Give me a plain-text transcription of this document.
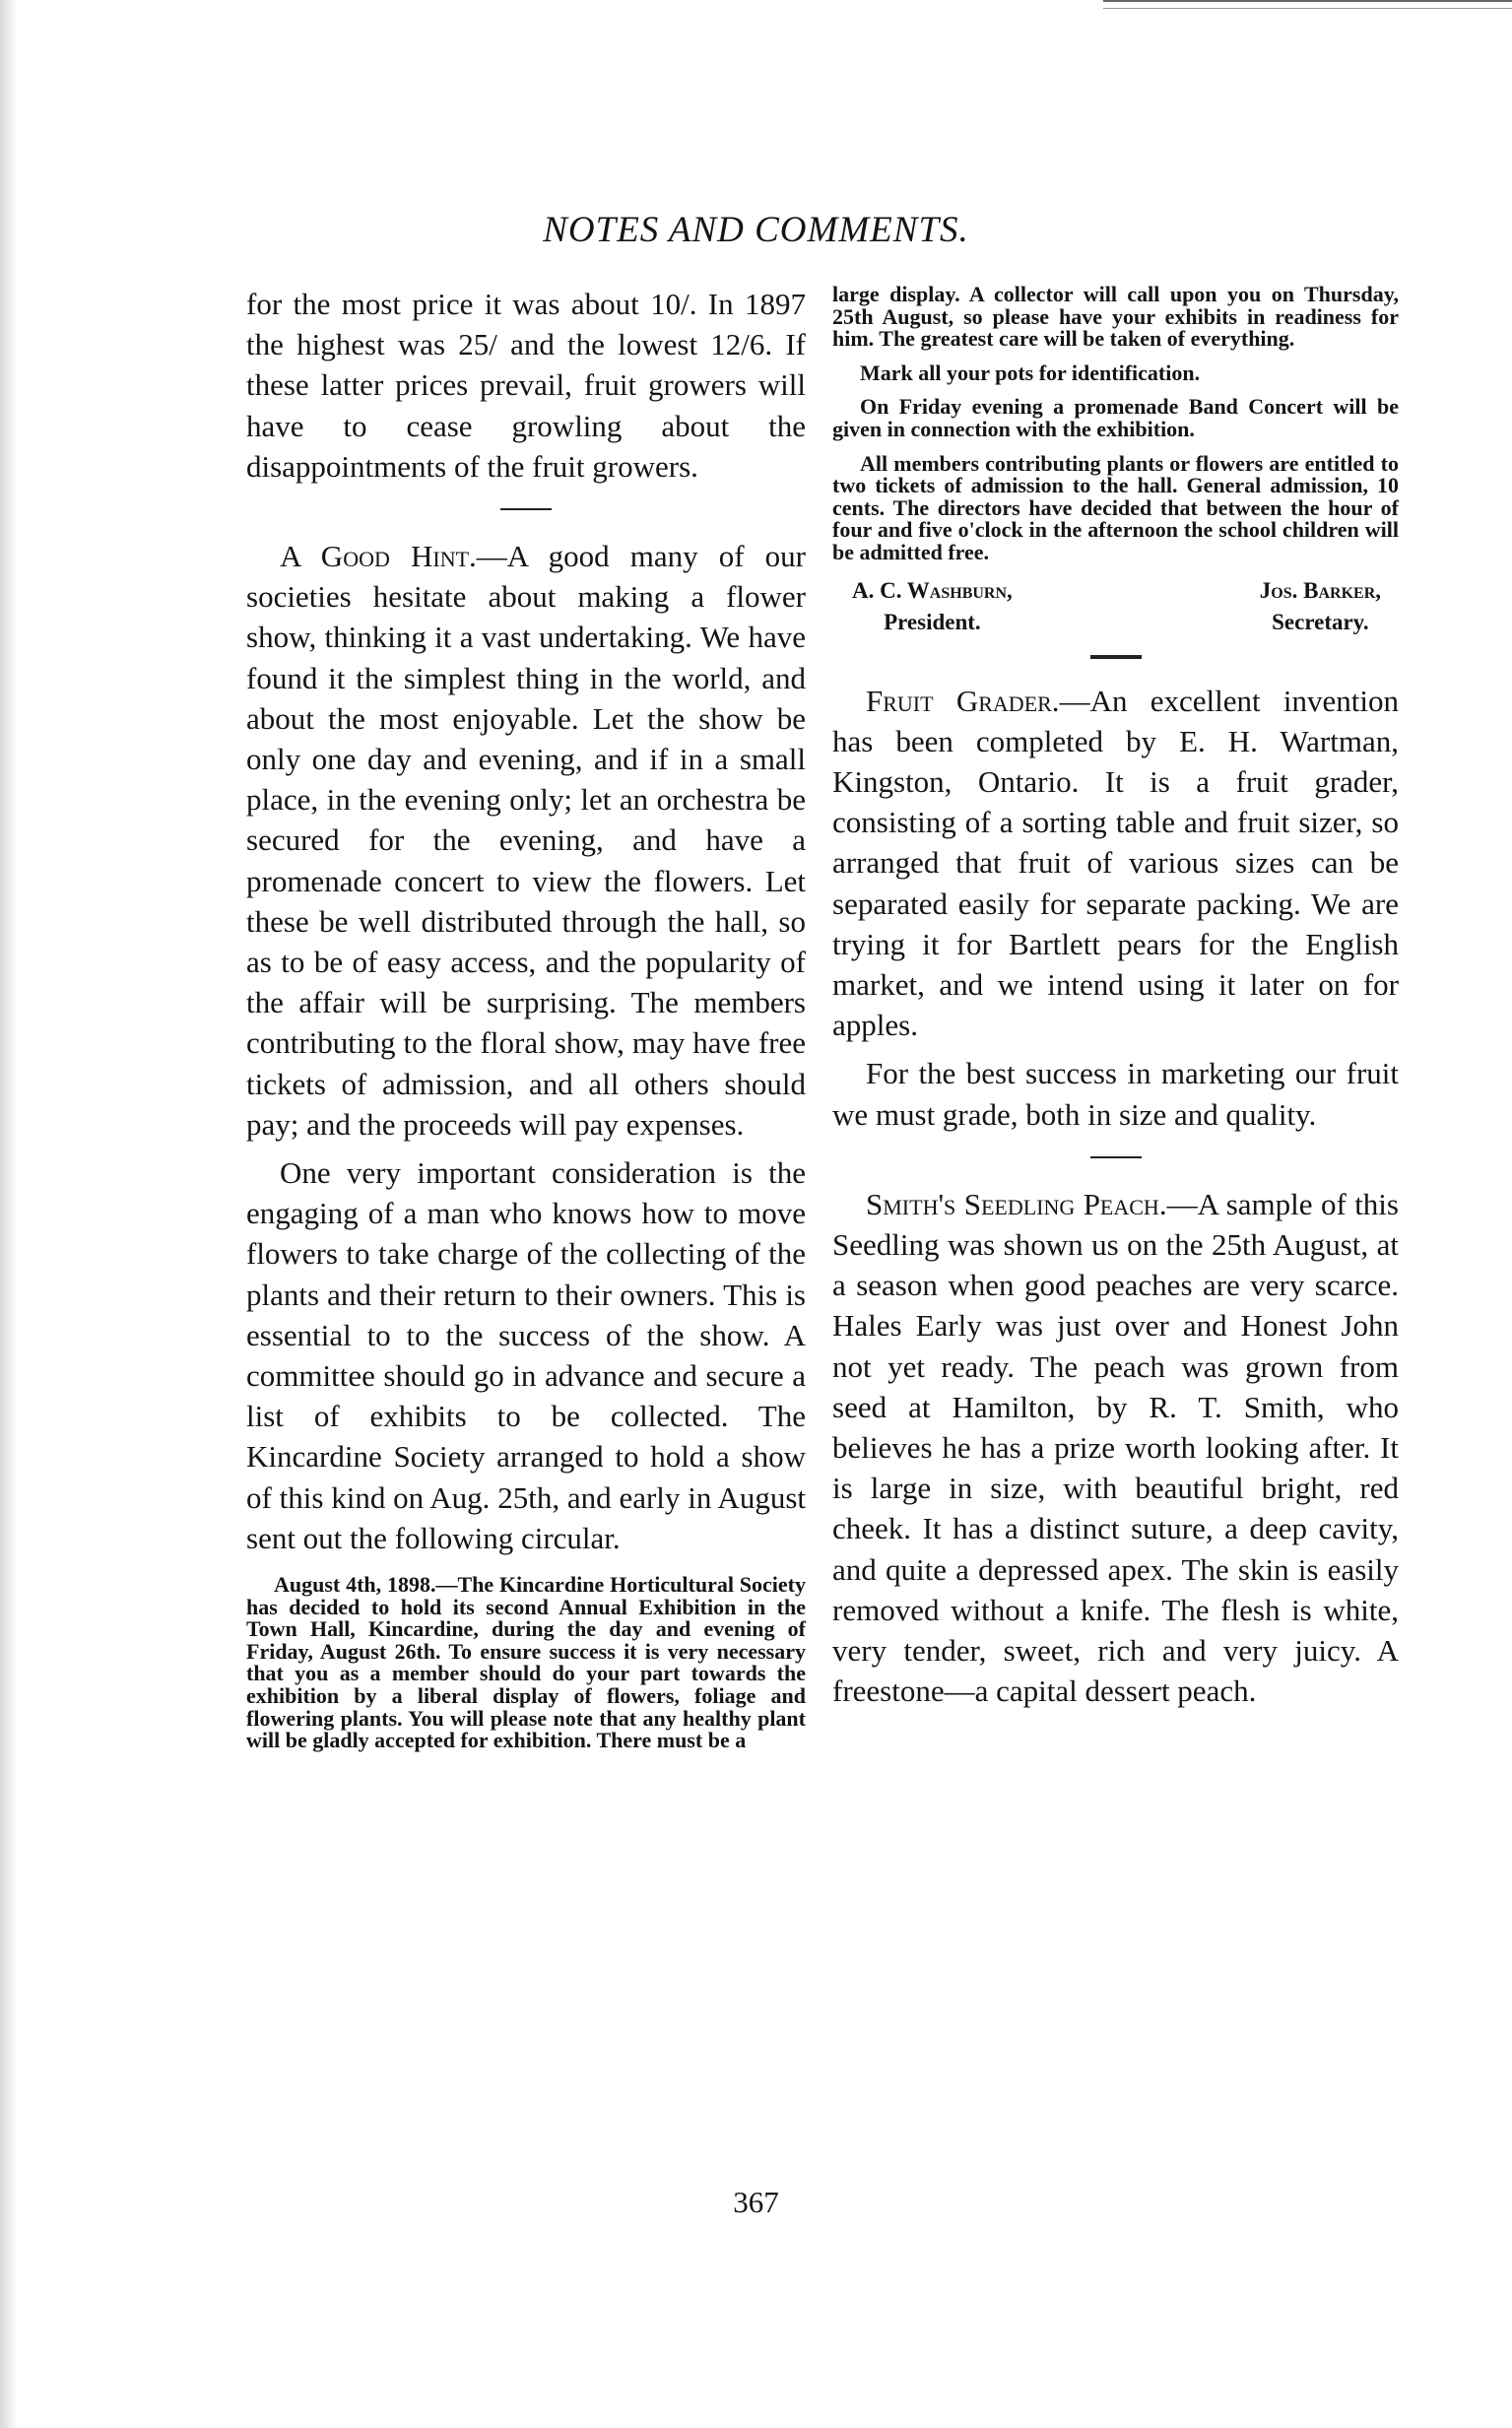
NOTES AND COMMENTS.

for the most price it was about 10/. In 1897 the highest was 25/ and the lowest 12/6. If these latter prices prevail, fruit growers will have to cease growling about the disappointments of the fruit growers.

A Good Hint.—A good many of our societies hesitate about making a flower show, thinking it a vast undertaking. We have found it the simplest thing in the world, and about the most enjoyable. Let the show be only one day and evening, and if in a small place, in the evening only; let an orchestra be secured for the evening, and have a promenade concert to view the flowers. Let these be well distributed through the hall, so as to be of easy access, and the popularity of the affair will be surprising. The members contributing to the floral show, may have free tickets of admission, and all others should pay; and the proceeds will pay expenses.

One very important consideration is the engaging of a man who knows how to move flowers to take charge of the collecting of the plants and their return to their owners. This is essential to to the success of the show. A committee should go in advance and secure a list of exhibits to be collected. The Kincardine Society arranged to hold a show of this kind on Aug. 25th, and early in August sent out the following circular.

August 4th, 1898.—The Kincardine Horticultural Society has decided to hold its second Annual Exhibition in the Town Hall, Kincardine, during the day and evening of Friday, August 26th. To ensure success it is very necessary that you as a member should do your part towards the exhibition by a liberal display of flowers, foliage and flowering plants. You will please note that any healthy plant will be gladly accepted for exhibition. There must be a

large display. A collector will call upon you on Thursday, 25th August, so please have your exhibits in readiness for him. The greatest care will be taken of everything.

Mark all your pots for identification.

On Friday evening a promenade Band Concert will be given in connection with the exhibition.

All members contributing plants or flowers are entitled to two tickets of admission to the hall. General admission, 10 cents. The directors have decided that between the hour of four and five o'clock in the afternoon the school children will be admitted free.

A. C. Washburn,
President.
Jos. Barker,
Secretary.

Fruit Grader.—An excellent invention has been completed by E. H. Wartman, Kingston, Ontario. It is a fruit grader, consisting of a sorting table and fruit sizer, so arranged that fruit of various sizes can be separated easily for separate packing. We are trying it for Bartlett pears for the English market, and we intend using it later on for apples.

For the best success in marketing our fruit we must grade, both in size and quality.

Smith's Seedling Peach.—A sample of this Seedling was shown us on the 25th August, at a season when good peaches are very scarce. Hales Early was just over and Honest John not yet ready. The peach was grown from seed at Hamilton, by R. T. Smith, who believes he has a prize worth looking after. It is large in size, with beautiful bright, red cheek. It has a distinct suture, a deep cavity, and quite a depressed apex. The skin is easily removed without a knife. The flesh is white, very tender, sweet, rich and very juicy. A freestone—a capital dessert peach.

367
